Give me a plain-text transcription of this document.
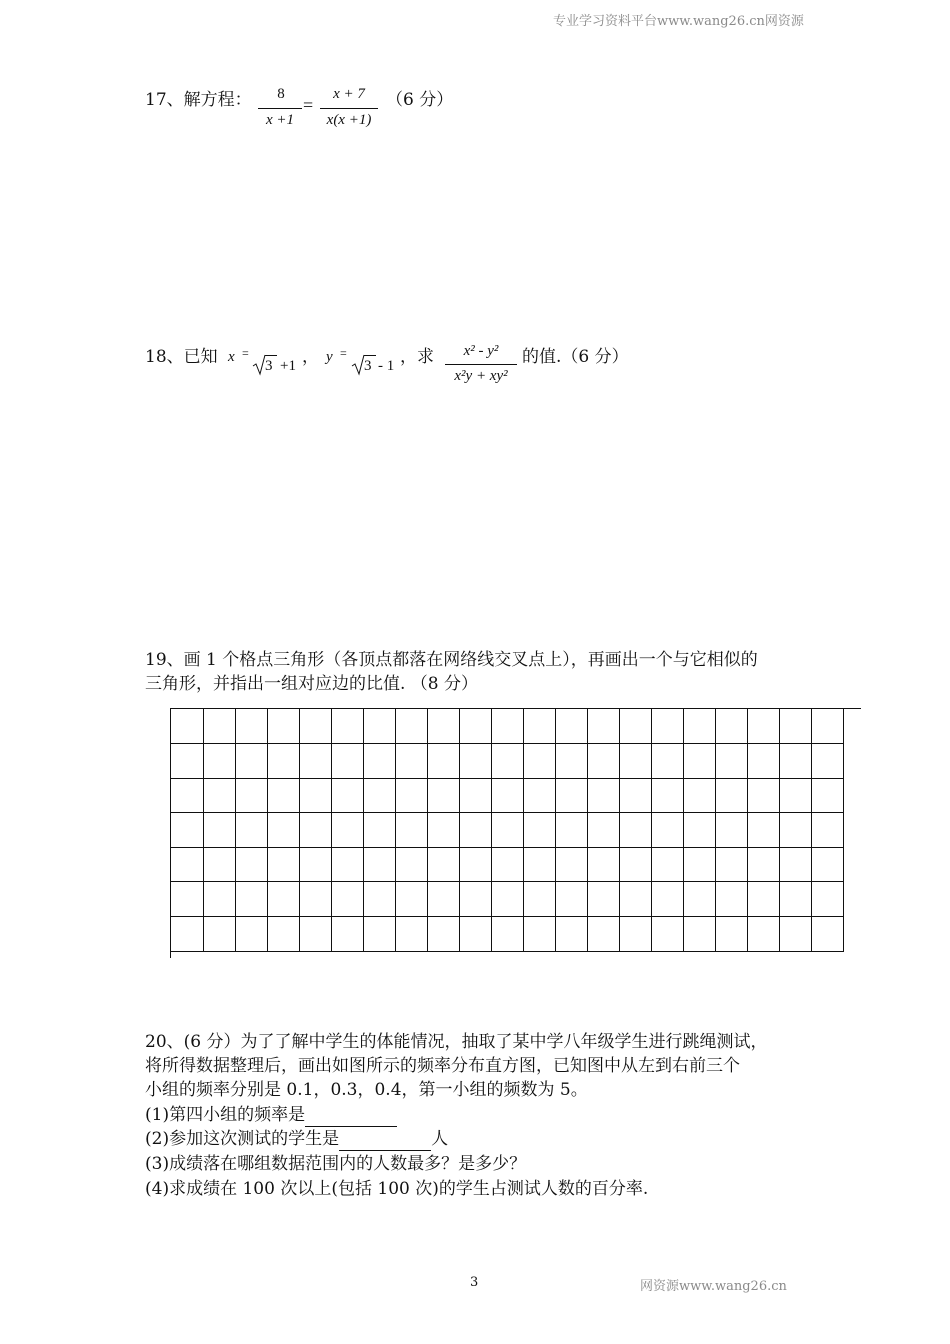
专业学习资料平台www.wang26.cn网资源
17、解方程：	8
x +1
=
x + 7
x(x +1)
（6 分）
18、已知 x =
3 +1 ， y =
3 - 1 ，求	x² - y²
x²y + xy²
的值.（6 分）
19、画 1 个格点三角形（各顶点都落在网络线交叉点上），再画出一个与它相似的
三角形，并指出一组对应边的比值. （8 分）

20、(6 分）为了了解中学生的体能情况，抽取了某中学八年级学生进行跳绳测试，
将所得数据整理后，画出如图所示的频率分布直方图，已知图中从左到右前三个
小组的频率分别是 0.1，0.3，0.4，第一小组的频数为 5。
(1)第四小组的频率是
(2)参加这次测试的学生是	人
(3)成绩落在哪组数据范围内的人数最多？是多少？
(4)求成绩在 100 次以上(包括 100 次)的学生占测试人数的百分率.
3	网资源www.wang26.cn
